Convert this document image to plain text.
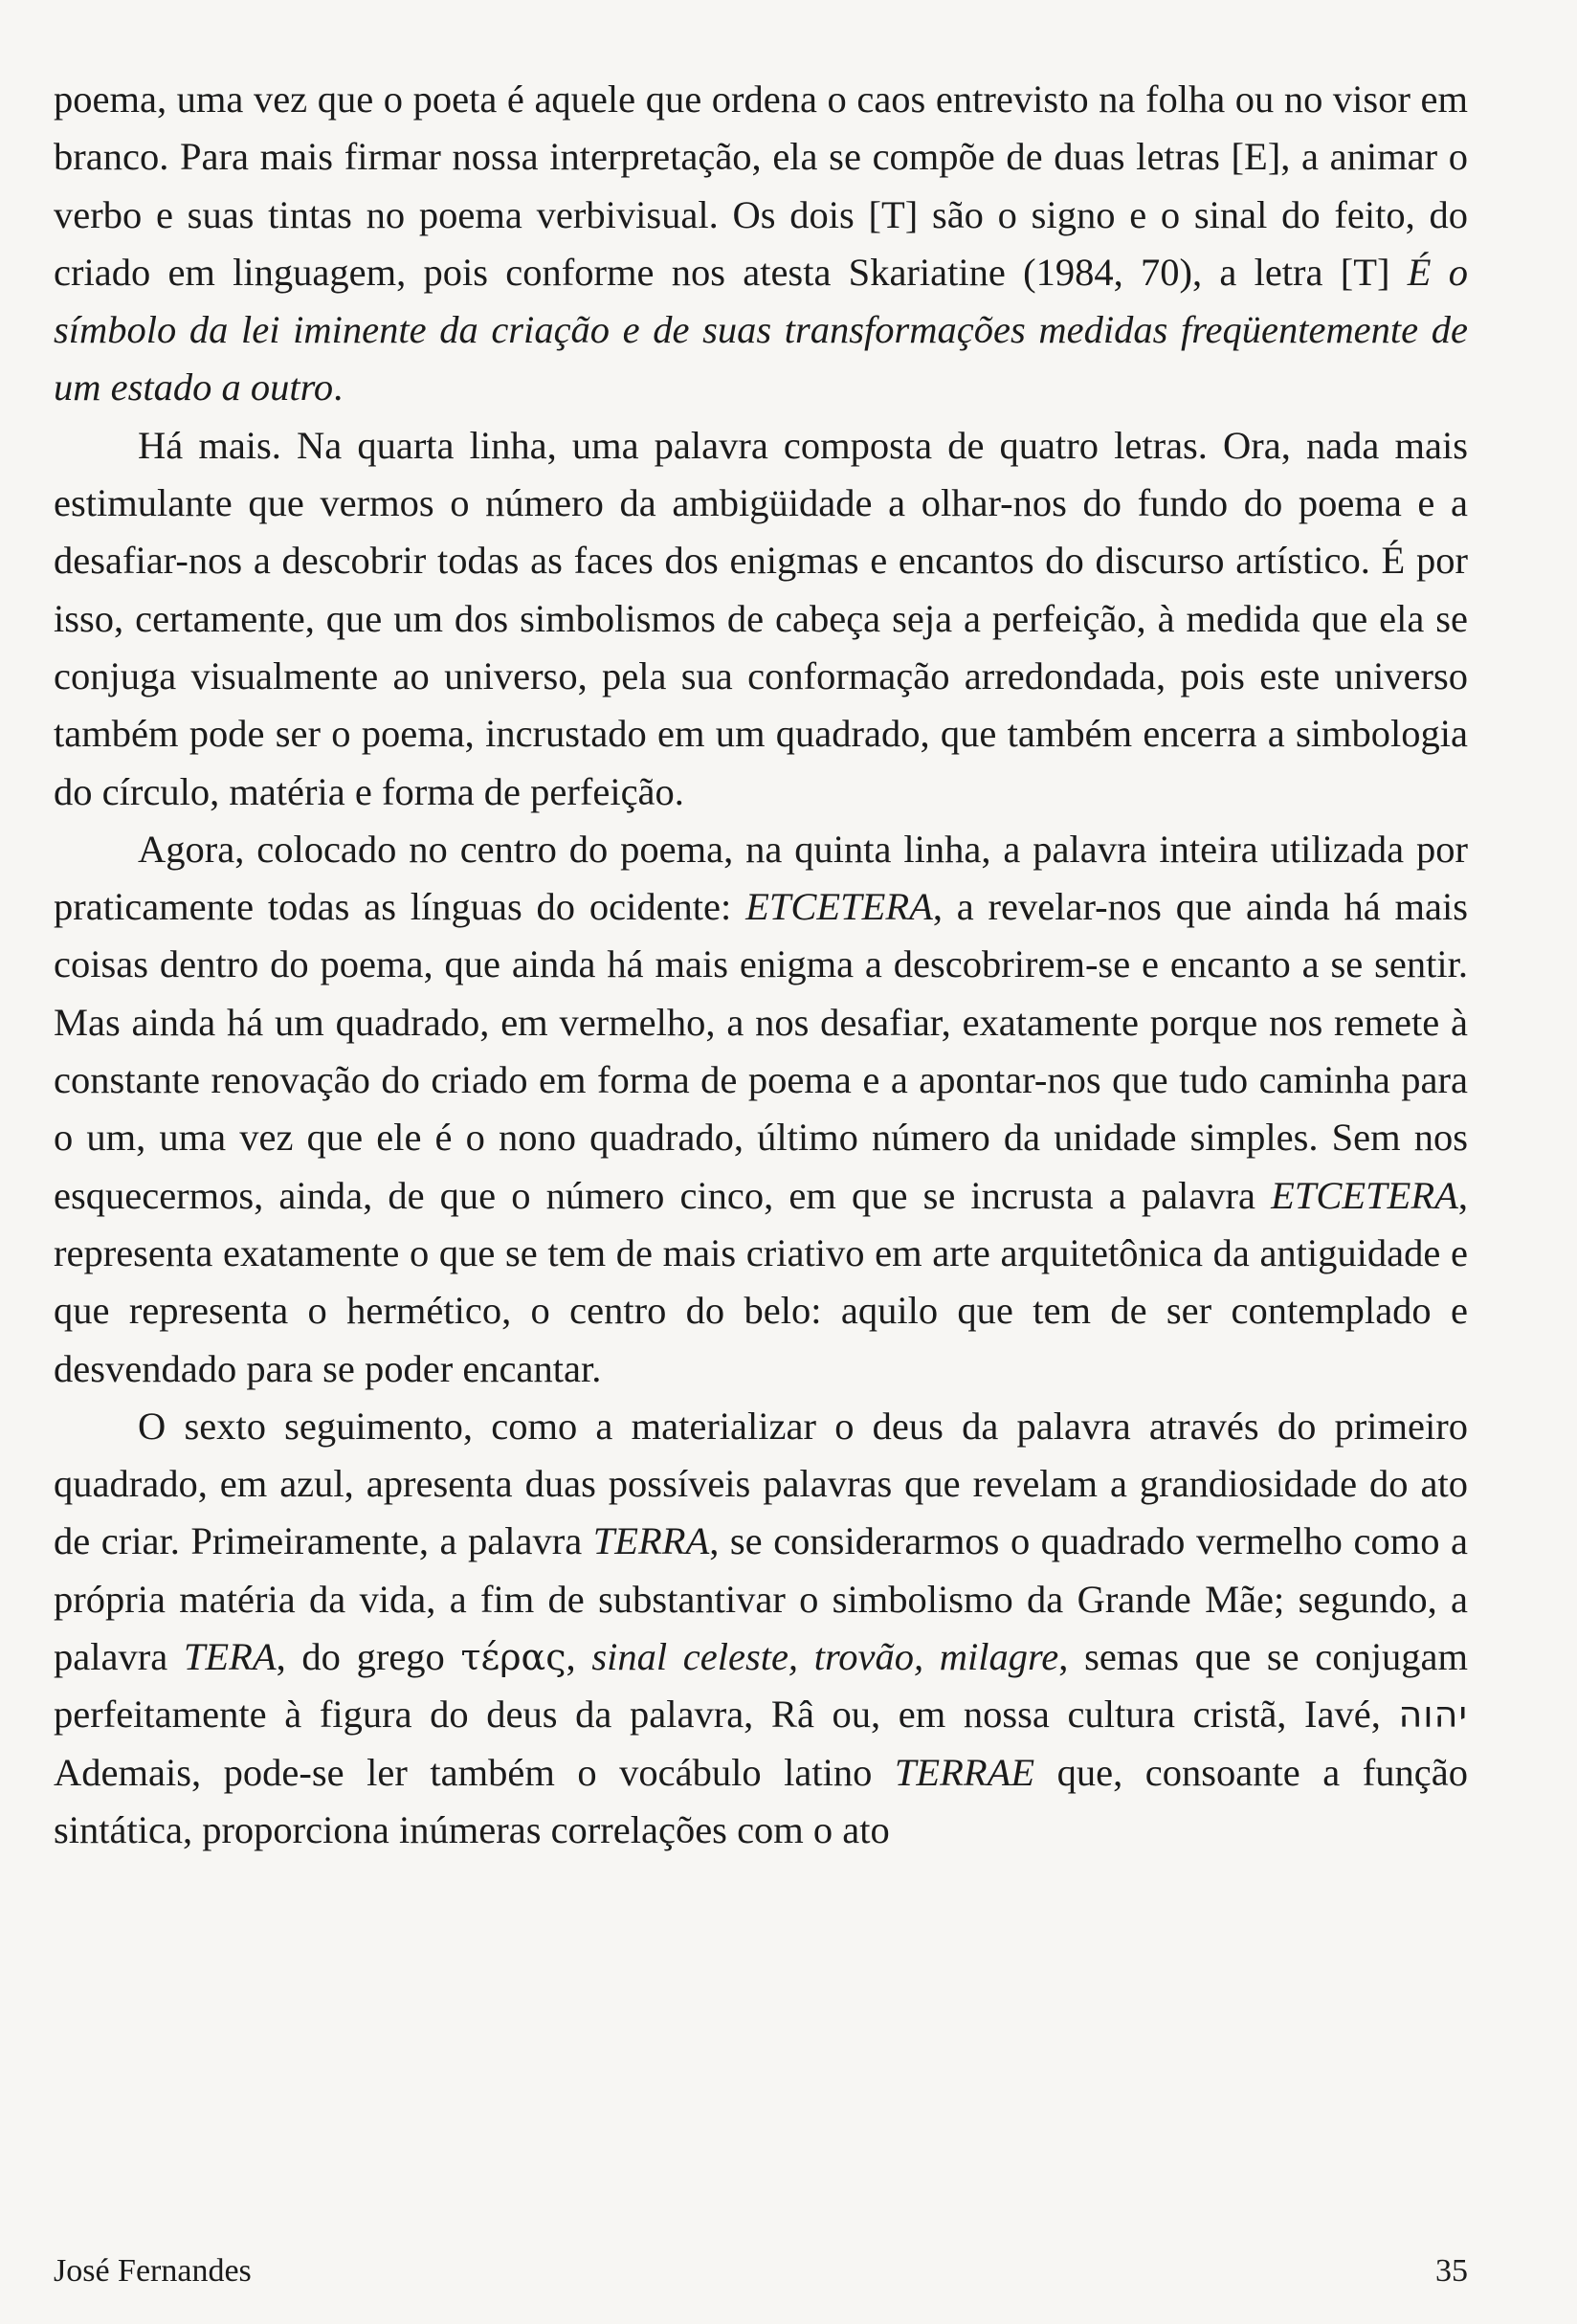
poema, uma vez que o poeta é aquele que ordena o caos entrevisto na folha ou no visor em branco. Para mais firmar nossa interpretação, ela se compõe de duas letras [E], a animar o verbo e suas tintas no poema verbivisual. Os dois [T] são o signo e o sinal do feito, do criado em linguagem, pois conforme nos atesta Skariatine (1984, 70), a letra [T] É o símbolo da lei iminente da criação e de suas transformações medidas freqüentemente de um estado a outro.

Há mais. Na quarta linha, uma palavra composta de quatro letras. Ora, nada mais estimulante que vermos o número da ambigüidade a olhar-nos do fundo do poema e a desafiar-nos a descobrir todas as faces dos enigmas e encantos do discurso artístico. É por isso, certamente, que um dos simbolismos de cabeça seja a perfeição, à medida que ela se conjuga visualmente ao universo, pela sua conformação arredondada, pois este universo também pode ser o poema, incrustado em um quadrado, que também encerra a simbologia do círculo, matéria e forma de perfeição.

Agora, colocado no centro do poema, na quinta linha, a palavra inteira utilizada por praticamente todas as línguas do ocidente: ETCETERA, a revelar-nos que ainda há mais coisas dentro do poema, que ainda há mais enigma a descobrirem-se e encanto a se sentir. Mas ainda há um quadrado, em vermelho, a nos desafiar, exatamente porque nos remete à constante renovação do criado em forma de poema e a apontar-nos que tudo caminha para o um, uma vez que ele é o nono quadrado, último número da unidade simples. Sem nos esquecermos, ainda, de que o número cinco, em que se incrusta a palavra ETCETERA, representa exatamente o que se tem de mais criativo em arte arquitetônica da antiguidade e que representa o hermético, o centro do belo: aquilo que tem de ser contemplado e desvendado para se poder encantar.

O sexto seguimento, como a materializar o deus da palavra através do primeiro quadrado, em azul, apresenta duas possíveis palavras que revelam a grandiosidade do ato de criar. Primeiramente, a palavra TERRA, se considerarmos o quadrado vermelho como a própria matéria da vida, a fim de substantivar o simbolismo da Grande Mãe; segundo, a palavra TERA, do grego τέρας, sinal celeste, trovão, milagre, semas que se conjugam perfeitamente à figura do deus da palavra, Râ ou, em nossa cultura cristã, Iavé, יהוה Ademais, pode-se ler também o vocábulo latino TERRAE que, consoante a função sintática, proporciona inúmeras correlações com o ato

José Fernandes	35
